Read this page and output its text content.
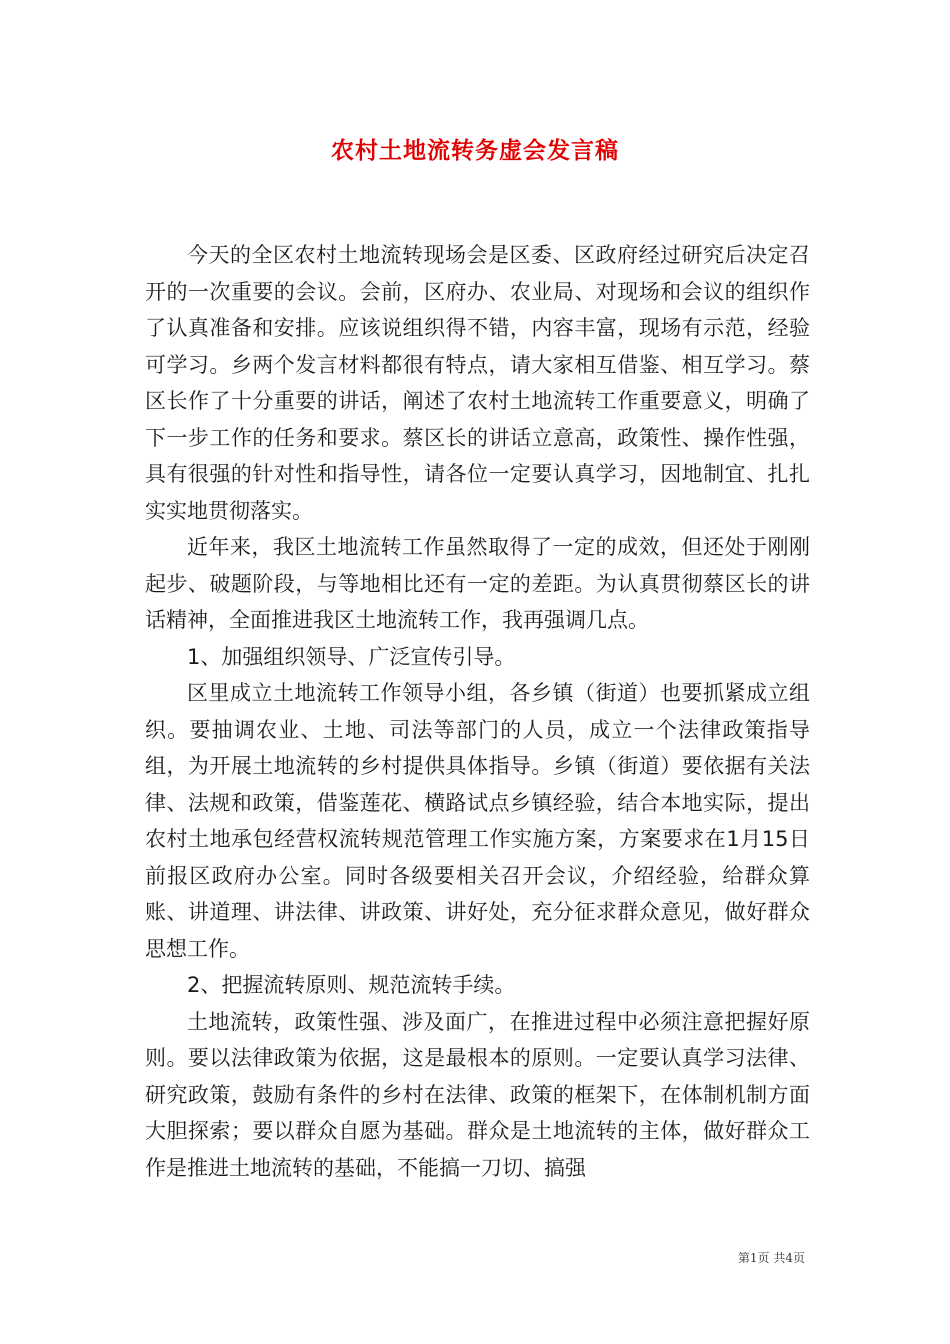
农村土地流转务虚会发言稿

今天的全区农村土地流转现场会是区委、区政府经过研究后决定召开的一次重要的会议。会前，区府办、农业局、对现场和会议的组织作了认真准备和安排。应该说组织得不错，内容丰富，现场有示范，经验可学习。乡两个发言材料都很有特点，请大家相互借鉴、相互学习。蔡区长作了十分重要的讲话，阐述了农村土地流转工作重要意义，明确了下一步工作的任务和要求。蔡区长的讲话立意高，政策性、操作性强，具有很强的针对性和指导性，请各位一定要认真学习，因地制宜、扎扎实实地贯彻落实。

近年来，我区土地流转工作虽然取得了一定的成效，但还处于刚刚起步、破题阶段，与等地相比还有一定的差距。为认真贯彻蔡区长的讲话精神，全面推进我区土地流转工作，我再强调几点。

1、加强组织领导、广泛宣传引导。

区里成立土地流转工作领导小组，各乡镇（街道）也要抓紧成立组织。要抽调农业、土地、司法等部门的人员，成立一个法律政策指导组，为开展土地流转的乡村提供具体指导。乡镇（街道）要依据有关法律、法规和政策，借鉴莲花、横路试点乡镇经验，结合本地实际，提出农村土地承包经营权流转规范管理工作实施方案，方案要求在1月15日前报区政府办公室。同时各级要相关召开会议，介绍经验，给群众算账、讲道理、讲法律、讲政策、讲好处，充分征求群众意见，做好群众思想工作。

2、把握流转原则、规范流转手续。

土地流转，政策性强、涉及面广，在推进过程中必须注意把握好原则。要以法律政策为依据，这是最根本的原则。一定要认真学习法律、研究政策，鼓励有条件的乡村在法律、政策的框架下，在体制机制方面大胆探索；要以群众自愿为基础。群众是土地流转的主体，做好群众工作是推进土地流转的基础，不能搞一刀切、搞强

第1页 共4页
